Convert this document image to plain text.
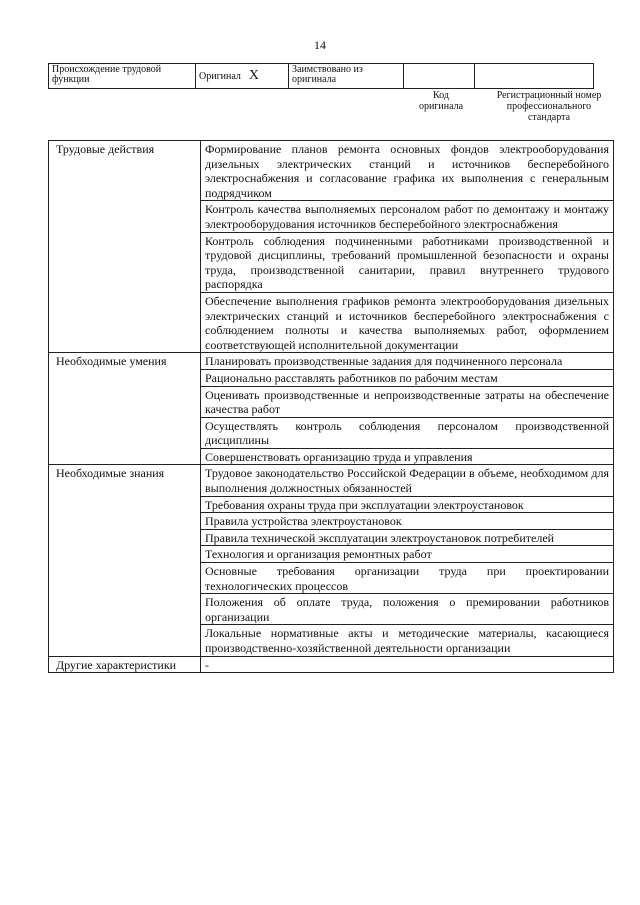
14
Происхождение трудовой функции	Оригинал X	Заимствовано из оригинала		
Код оригинала
Регистрационный номер профессионального стандарта
Трудовые действия	Формирование планов ремонта основных фондов электрооборудования дизельных электрических станций и источников бесперебойного электроснабжения и согласование графика их выполнения с генеральным подрядчиком
	Контроль качества выполняемых персоналом работ по демонтажу и монтажу электрооборудования источников бесперебойного электроснабжения
	Контроль соблюдения подчиненными работниками производственной и трудовой дисциплины, требований промышленной безопасности и охраны труда, производственной санитарии, правил внутреннего трудового распорядка
	Обеспечение выполнения графиков ремонта электрооборудования дизельных электрических станций и источников бесперебойного электроснабжения с соблюдением полноты и качества выполняемых работ, оформлением соответствующей исполнительной документации
Необходимые умения	Планировать производственные задания для подчиненного персонала
	Рационально расставлять работников по рабочим местам
	Оценивать производственные и непроизводственные затраты на обеспечение качества работ
	Осуществлять контроль соблюдения персоналом производственной дисциплины
	Совершенствовать организацию труда и управления
Необходимые знания	Трудовое законодательство Российской Федерации в объеме, необходимом для выполнения должностных обязанностей
	Требования охраны труда при эксплуатации электроустановок
	Правила устройства электроустановок
	Правила технической эксплуатации электроустановок потребителей
	Технология и организация ремонтных работ
	Основные требования организации труда при проектировании технологических процессов
	Положения об оплате труда, положения о премировании работников организации
	Локальные нормативные акты и методические материалы, касающиеся производственно-хозяйственной деятельности организации
Другие характеристики	-
